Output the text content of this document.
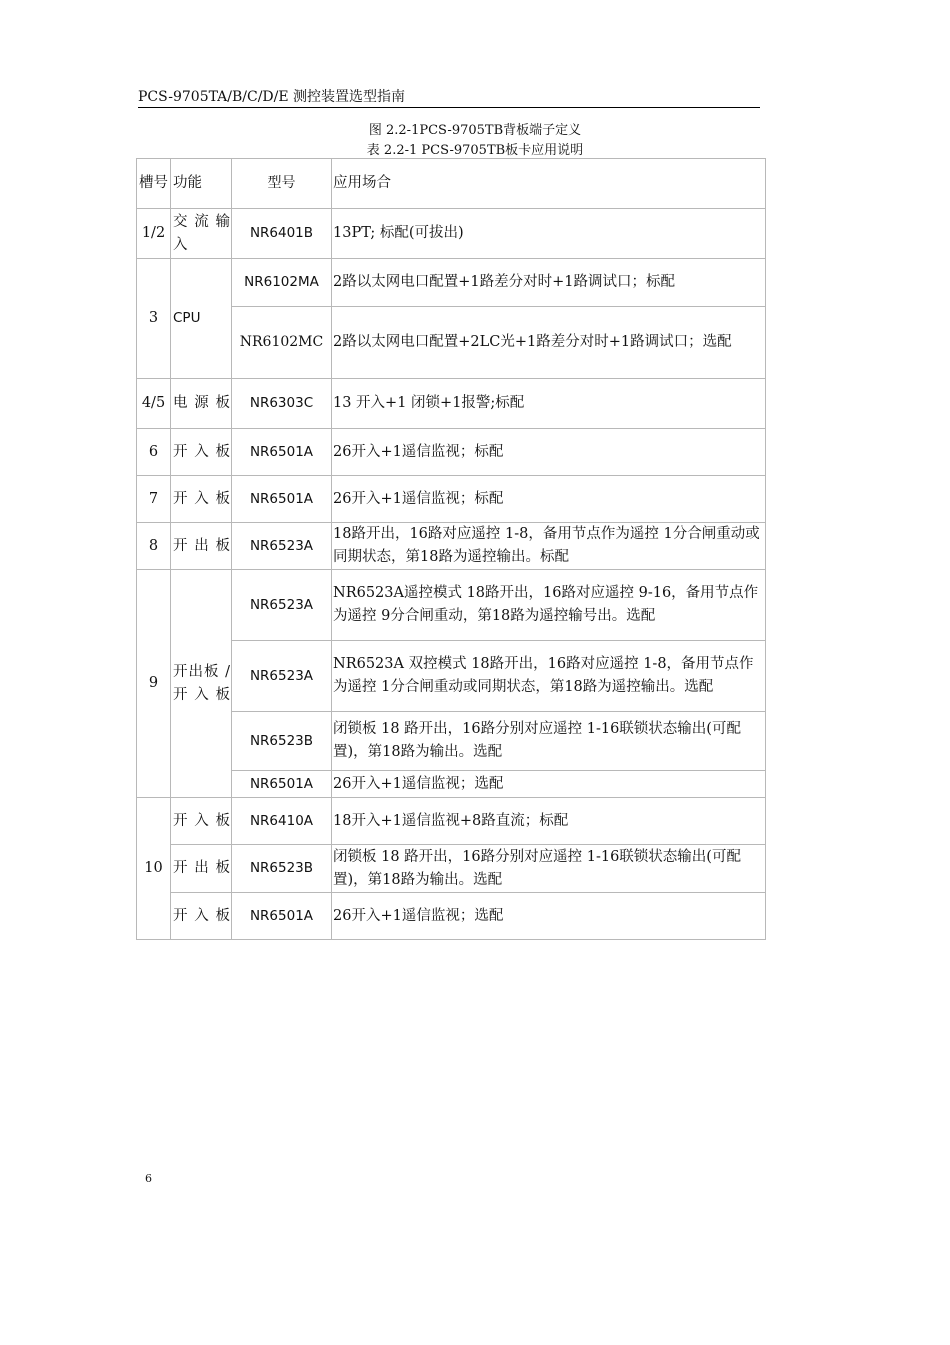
PCS-9705TA/B/C/D/E 测控装置选型指南
图 2.2-1PCS-9705TB背板端子定义
表 2.2-1 PCS-9705TB板卡应用说明
槽号	功能	型号	应用场合
1/2	交流输入	NR6401B	13PT; 标配(可拔出)
3	CPU	NR6102MA	2路以太网电口配置+1路差分对时+1路调试口；标配
		NR6102MC	2路以太网电口配置+2LC光+1路差分对时+1路调试口；选配
4/5	电源板	NR6303C	13 开入+1 闭锁+1报警;标配
6	开入板	NR6501A	26开入+1遥信监视；标配
7	开入板	NR6501A	26开入+1遥信监视；标配
8	开出板	NR6523A	18路开出，16路对应遥控 1-8，备用节点作为遥控 1分合闸重动或同期状态，第18路为遥控输出。标配
9	开出板 /开入板	NR6523A	NR6523A遥控模式 18路开出，16路对应遥控 9-16，备用节点作为遥控 9分合闸重动，第18路为遥控输号出。选配
		NR6523A	NR6523A 双控模式 18路开出，16路对应遥控 1-8，备用节点作为遥控 1分合闸重动或同期状态，第18路为遥控输出。选配
		NR6523B	闭锁板 18 路开出，16路分别对应遥控 1-16联锁状态输出(可配置)，第18路为输出。选配
		NR6501A	26开入+1遥信监视；选配
10	开入板	NR6410A	18开入+1遥信监视+8路直流；标配
	开出板	NR6523B	闭锁板 18 路开出，16路分别对应遥控 1-16联锁状态输出(可配置)，第18路为输出。选配
	开入板	NR6501A	26开入+1遥信监视；选配
6
